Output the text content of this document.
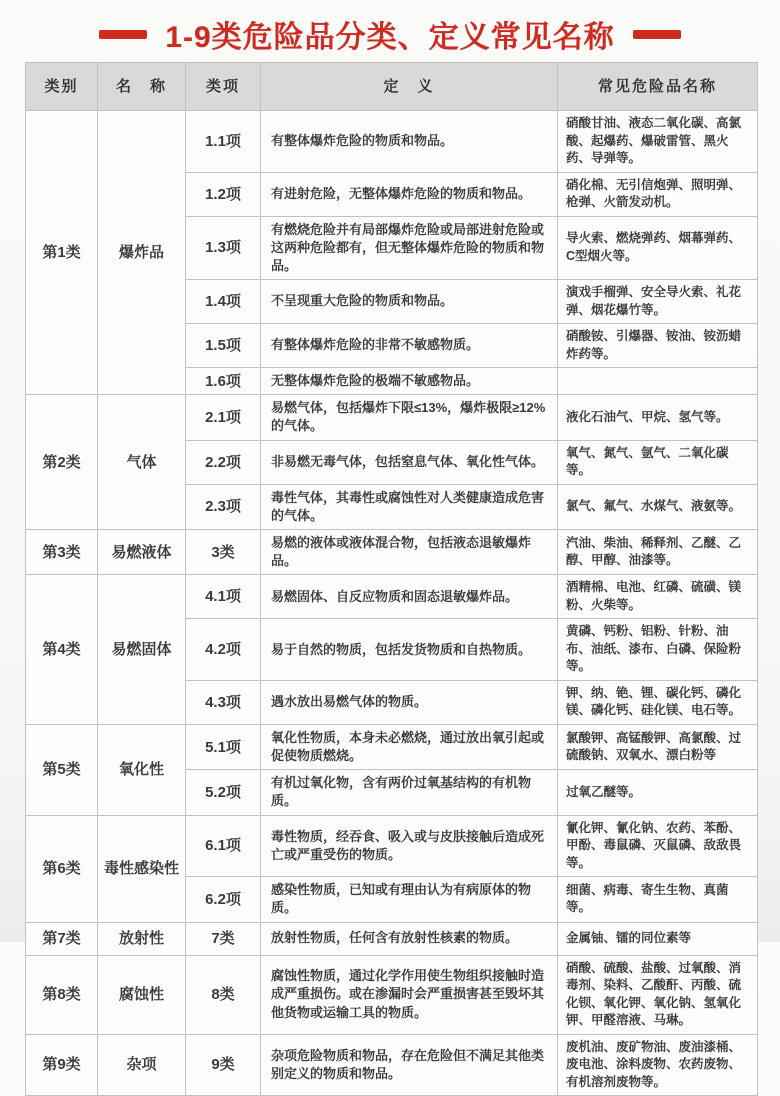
1-9类危险品分类、定义常见名称
类别	名　称	类项	定　义	常见危险品名称
第1类	爆炸品	1.1项	有整体爆炸危险的物质和物品。	硝酸甘油、液态二氧化碳、高氯酸、起爆药、爆破雷管、黑火药、导弹等。
		1.2项	有进射危险，无整体爆炸危险的物质和物品。	硝化棉、无引信炮弹、照明弹、枪弹、火箭发动机。
		1.3项	有燃烧危险并有局部爆炸危险或局部进射危险或这两种危险都有，但无整体爆炸危险的物质和物品。	导火索、燃烧弹药、烟幕弹药、C型烟火等。
		1.4项	不呈现重大危险的物质和物品。	演戏手榴弹、安全导火索、礼花弹、烟花爆竹等。
		1.5项	有整体爆炸危险的非常不敏感物质。	硝酸铵、引爆器、铵油、铵沥蜡炸药等。
		1.6项	无整体爆炸危险的极端不敏感物品。	
第2类	气体	2.1项	易燃气体，包括爆炸下限≤13%，爆炸极限≥12%的气体。	液化石油气、甲烷、氢气等。
		2.2项	非易燃无毒气体，包括窒息气体、氧化性气体。	氧气、氮气、氩气、二氧化碳等。
		2.3项	毒性气体，其毒性或腐蚀性对人类健康造成危害的气体。	氯气、氟气、水煤气、液氨等。
第3类	易燃液体	3类	易燃的液体或液体混合物，包括液态退敏爆炸品。	汽油、柴油、稀释剂、乙醚、乙醇、甲醇、油漆等。
第4类	易燃固体	4.1项	易燃固体、自反应物质和固态退敏爆炸品。	酒精棉、电池、红磷、硫磺、镁粉、火柴等。
		4.2项	易于自然的物质，包括发货物质和自热物质。	黄磷、钙粉、铝粉、针粉、油布、油纸、漆布、白磷、保险粉等。
		4.3项	遇水放出易燃气体的物质。	钾、纳、铯、锂、碳化钙、磷化镁、磷化钙、硅化镁、电石等。
第5类	氧化性	5.1项	氧化性物质，本身未必燃烧，通过放出氧引起或促使物质燃烧。	氯酸钾、高锰酸钾、高氯酸、过硫酸钠、双氧水、漂白粉等
		5.2项	有机过氧化物，含有两价过氧基结构的有机物质。	过氧乙醚等。
第6类	毒性感染性	6.1项	毒性物质，经吞食、吸入或与皮肤接触后造成死亡或严重受伤的物质。	氰化钾、氰化钠、农药、苯酚、甲酚、毒鼠磷、灭鼠磷、敌敌畏等。
		6.2项	感染性物质，已知或有理由认为有病原体的物质。	细菌、病毒、寄生生物、真菌等。
第7类	放射性	7类	放射性物质，任何含有放射性核素的物质。	金属铀、镭的同位素等
第8类	腐蚀性	8类	腐蚀性物质，通过化学作用使生物组织接触时造成严重损伤。或在渗漏时会严重损害甚至毁坏其他货物或运输工具的物质。	硝酸、硫酸、盐酸、过氧酸、消毒剂、染料、乙酸酐、丙酸、硫化钡、氧化钾、氧化钠、氢氧化钾、甲醛溶液、马琳。
第9类	杂项	9类	杂项危险物质和物品，存在危险但不满足其他类别定义的物质和物品。	废机油、废矿物油、废油漆桶、废电池、涂料废物、农药废物、有机溶剂废物等。
